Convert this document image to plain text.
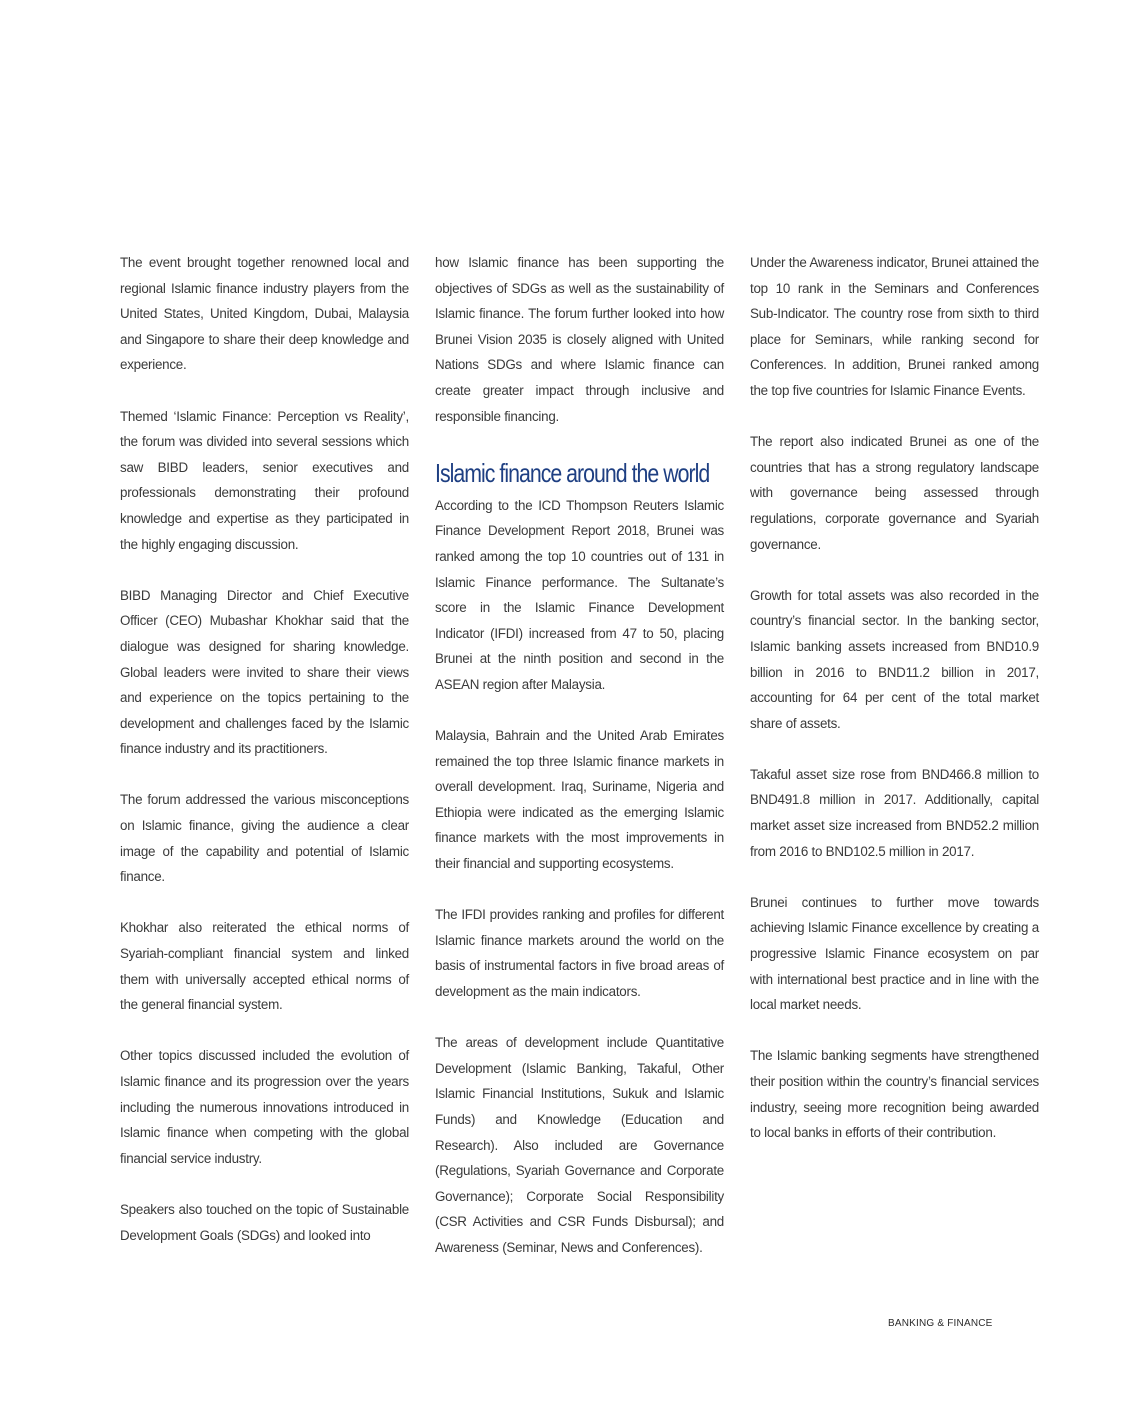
The event brought together renowned local and regional Islamic finance industry players from the United States, United Kingdom, Dubai, Malaysia and Singapore to share their deep knowledge and experience.

Themed ‘Islamic Finance: Perception vs Reality’, the forum was divided into several sessions which saw BIBD leaders, senior executives and professionals demonstrating their profound knowledge and expertise as they participated in the highly engaging discussion.

BIBD Managing Director and Chief Executive Officer (CEO) Mubashar Khokhar said that the dialogue was designed for sharing knowledge. Global leaders were invited to share their views and experience on the topics pertaining to the development and challenges faced by the Islamic finance industry and its practitioners.

The forum addressed the various misconceptions on Islamic finance, giving the audience a clear image of the capability and potential of Islamic finance.

Khokhar also reiterated the ethical norms of Syariah-compliant financial system and linked them with universally accepted ethical norms of the general financial system.

Other topics discussed included the evolution of Islamic finance and its progression over the years including the numerous innovations introduced in Islamic finance when competing with the global financial service industry.

Speakers also touched on the topic of Sustainable Development Goals (SDGs) and looked into

how Islamic finance has been supporting the objectives of SDGs as well as the sustainability of Islamic finance. The forum further looked into how Brunei Vision 2035 is closely aligned with United Nations SDGs and where Islamic finance can create greater impact through inclusive and responsible financing.

Islamic finance around the world

According to the ICD Thompson Reuters Islamic Finance Development Report 2018, Brunei was ranked among the top 10 countries out of 131 in Islamic Finance performance. The Sultanate’s score in the Islamic Finance Development Indicator (IFDI) increased from 47 to 50, placing Brunei at the ninth position and second in the ASEAN region after Malaysia.

Malaysia, Bahrain and the United Arab Emirates remained the top three Islamic finance markets in overall development. Iraq, Suriname, Nigeria and Ethiopia were indicated as the emerging Islamic finance markets with the most improvements in their financial and supporting ecosystems.

The IFDI provides ranking and profiles for different Islamic finance markets around the world on the basis of instrumental factors in five broad areas of development as the main indicators.

The areas of development include Quantitative Development (Islamic Banking, Takaful, Other Islamic Financial Institutions, Sukuk and Islamic Funds) and Knowledge (Education and Research). Also included are Governance (Regulations, Syariah Governance and Corporate Governance); Corporate Social Responsibility (CSR Activities and CSR Funds Disbursal); and Awareness (Seminar, News and Conferences).

Under the Awareness indicator, Brunei attained the top 10 rank in the Seminars and Conferences Sub-Indicator. The country rose from sixth to third place for Seminars, while ranking second for Conferences. In addition, Brunei ranked among the top five countries for Islamic Finance Events.

The report also indicated Brunei as one of the countries that has a strong regulatory landscape with governance being assessed through regulations, corporate governance and Syariah governance.

Growth for total assets was also recorded in the country’s financial sector. In the banking sector, Islamic banking assets increased from BND10.9 billion in 2016 to BND11.2 billion in 2017, accounting for 64 per cent of the total market share of assets.

Takaful asset size rose from BND466.8 million to BND491.8 million in 2017. Additionally, capital market asset size increased from BND52.2 million from 2016 to BND102.5 million in 2017.

Brunei continues to further move towards achieving Islamic Finance excellence by creating a progressive Islamic Finance ecosystem on par with international best practice and in line with the local market needs.

The Islamic banking segments have strengthened their position within the country’s financial services industry, seeing more recognition being awarded to local banks in efforts of their contribution.

BANKING & FINANCE
